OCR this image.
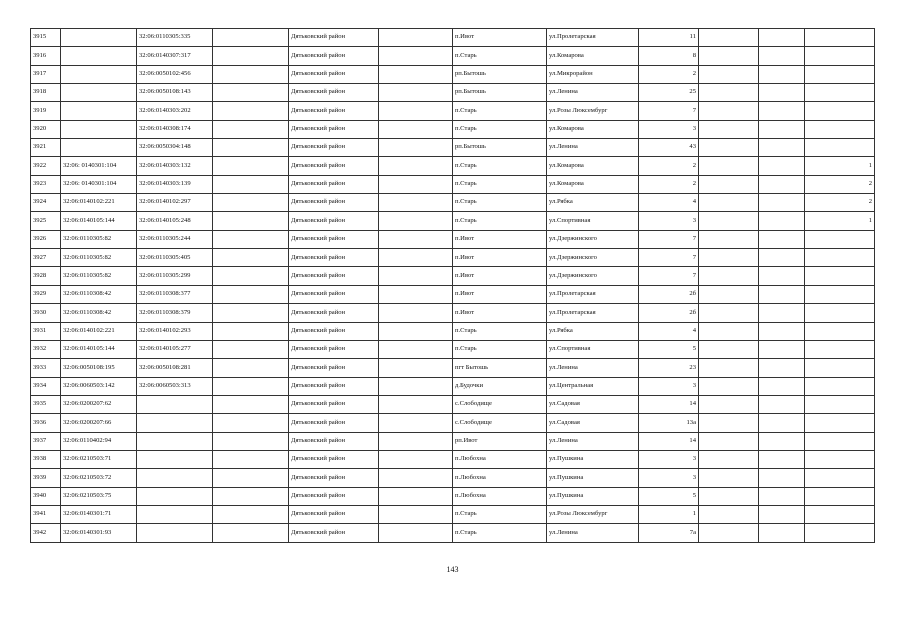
3915		32:06:0110305:335		Дятьковский район		п.Ивот	ул.Пролетарская	11			
3916		32:06:0140307:317		Дятьковский район		п.Старь	ул.Комарова	8			
3917		32:06:0050102:456		Дятьковский район		рп.Бытошь	ул.Микрорайон	2			
3918		32:06:0050108:143		Дятьковский район		рп.Бытошь	ул.Ленина	25			
3919		32:06:0140303:202		Дятьковский район		п.Старь	ул.Розы Люксембург	7			
3920		32:06:0140308:174		Дятьковский район		п.Старь	ул.Комарова	3			
3921		32:06:0050304:148		Дятьковский район		рп.Бытошь	ул.Ленина	43			
3922	32:06: 0140301:104	32:06:0140303:132		Дятьковский район		п.Старь	ул.Комарова	2			1
3923	32:06: 0140301:104	32:06:0140303:139		Дятьковский район		п.Старь	ул.Комарова	2			2
3924	32:06:0140102:221	32:06:0140102:297		Дятьковский район		п.Старь	ул.Рябка	4			2
3925	32:06:0140105:144	32:06:0140105:248		Дятьковский район		п.Старь	ул.Спортивная	3			1
3926	32:06:0110305:82	32:06:0110305:244		Дятьковский район		п.Ивот	ул.Дзержинского	7			
3927	32:06:0110305:82	32:06:0110305:405		Дятьковский район		п.Ивот	ул.Дзержинского	7			
3928	32:06:0110305:82	32:06:0110305:299		Дятьковский район		п.Ивот	ул.Дзержинского	7			
3929	32:06:0110308:42	32:06:0110308:377		Дятьковский район		п.Ивот	ул.Пролетарская	2б			
3930	32:06:0110308:42	32:06:0110308:379		Дятьковский район		п.Ивот	ул.Пролетарская	2б			
3931	32:06:0140102:221	32:06:0140102:293		Дятьковский район		п.Старь	ул.Рябка	4			
3932	32:06:0140105:144	32:06:0140105:277		Дятьковский район		п.Старь	ул.Спортивная	5			
3933	32:06:0050108:195	32:06:0050108:281		Дятьковский район		пгт Бытошь	ул.Ленина	23			
3934	32:06:0060503:142	32:06:0060503:313		Дятьковский район		д.Будочки	ул.Центральная	3			
3935	32:06:0200207:62			Дятьковский район		с.Слободище	ул.Садовая	14			
3936	32:06:0200207:66			Дятьковский район		с.Слободище	ул.Садовая	13а			
3937	32:06:0110402:94			Дятьковский район		рп.Ивот	ул.Ленина	14			
3938	32:06:0210503:71			Дятьковский район		п.Любохна	ул.Пушкина	3			
3939	32:06:0210503:72			Дятьковский район		п.Любохна	ул.Пушкина	3			
3940	32:06:0210503:75			Дятьковский район		п.Любохна	ул.Пушкина	5			
3941	32:06:0140301:71			Дятьковский район		п.Старь	ул.Розы Люксембург	1			
3942	32:06:0140301:93			Дятьковский район		п.Старь	ул.Ленина	7а			
143
